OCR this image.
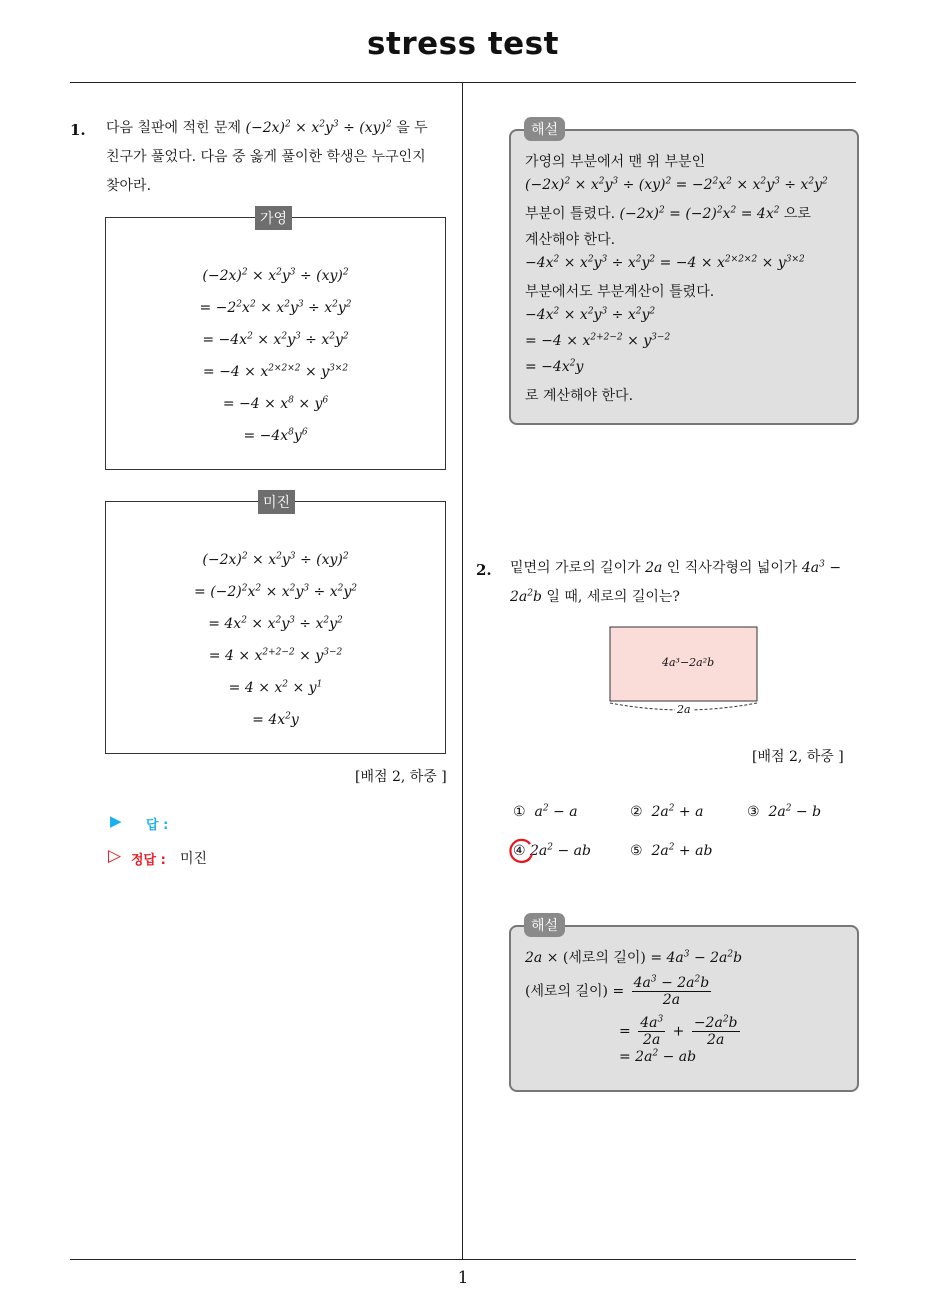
stress test
1. 다음 칠판에 적힌 문제 $(-2x)^2 \times x^2y^3 \div (xy)^2$ 을 두
친구가 풀었다. 다음 중 옳게 풀이한 학생은 누구인지
찾아라.
$(-2x)^2 \times x^2y^3 \div (xy)^2$
= $-2^2x^2 \times x^2y^3 \div x^2y^2$
= $-4x^2 \times x^2y^3 \div x^2y^2$
= $-4 \times x^{2\times 2\times 2} \times y^{3\times 2}$
= $-4 \times x^8 \times y^6$
= $-4x^8y^6$
가영
$(-2x)^2 \times x^2y^3 \div (xy)^2$
= $(-2)^2x^2 \times x^2y^3 \div x^2y^2$
= $4x^2 \times x^2y^3 \div x^2y^2$
= $4 \times x^{2+2-2} \times y^{3-2}$
= $4 \times x^2 \times y^1$
= $4x^2y$
미진
[배점 2, 하중 ]
▶ 답 :
▷ 정답 : 미진
가영의 부분에서 맨 위 부분인
$(-2x)^2 \times x^2y^3 \div (xy)^2 = -2^2x^2 \times x^2y^3 \div x^2y^2$
부분이 틀렸다. $(-2x)^2 = (-2)^2x^2 = 4x^2$ 으로
계산해야 한다.
$-4x^2 \times x^2y^3 \div x^2y^2 = -4 \times x^{2\times 2\times 2} \times y^{3\times 2}$
부분에서도 부분계산이 틀렸다.
$-4x^2 \times x^2y^3 \div x^2y^2$
= $-4 \times x^{2+2-2} \times y^{3-2}$
= $-4x^2y$
로 계산해야 한다.
해설
2. 밑면의 가로의 길이가 2a 인 직사각형의 넓이가 $4a^3$ −
$2a^2b$ 일 때, 세로의 길이는?
4a³−2a²b
2a
[배점 2, 하중 ]
① $a^2 - a$	② $2a^2 + a$	③ $2a^2 - b$
④ $2a^2$ − ab	⑤ $2a^2$ + ab
2a × (세로의 길이) = $4a^3 - 2a^2b$
(세로의 길이) = $\frac{4a^3 - 2a^2b}{2a}$
= $\frac{4a^3}{2a} + \frac{-2a^2b}{2a}$
= $2a^2$ − ab
해설
1
